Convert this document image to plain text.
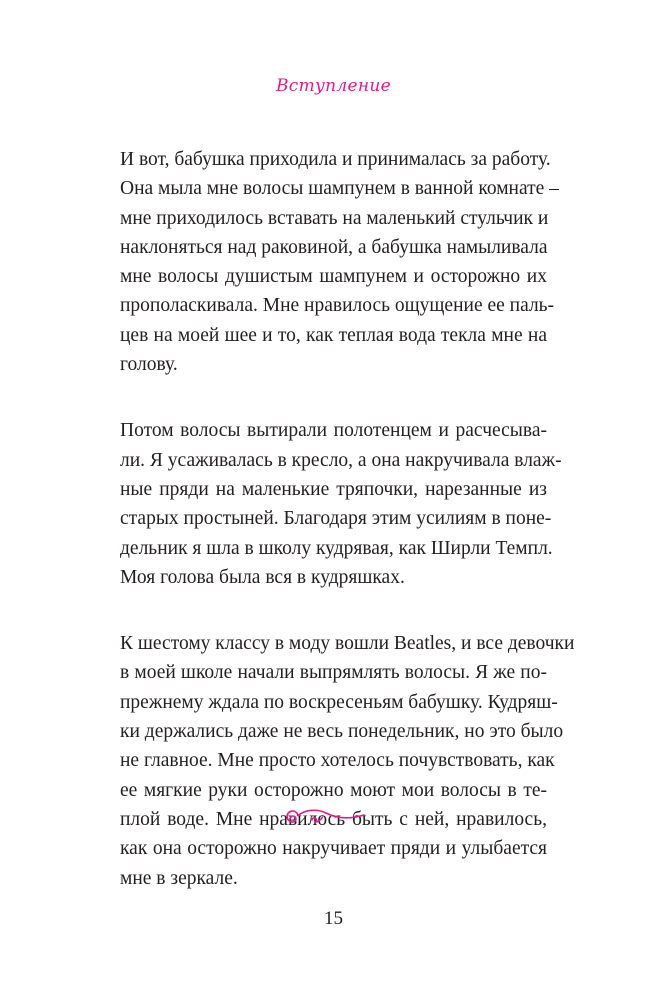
Вступление

И вот, бабушка приходила и принималась за работу.
Она мыла мне волосы шампунем в ванной комнате –
мне приходилось вставать на маленький стульчик и
наклоняться над раковиной, а бабушка намыливала
мне волосы душистым шампунем и осторожно их
прополаскивала. Мне нравилось ощущение ее паль-
цев на моей шее и то, как теплая вода текла мне на
голову.

Потом волосы вытирали полотенцем и расчесыва-
ли. Я усаживалась в кресло, а она накручивала влаж-
ные пряди на маленькие тряпочки, нарезанные из
старых простыней. Благодаря этим усилиям в поне-
дельник я шла в школу кудрявая, как Ширли Темпл.
Моя голова была вся в кудряшках.

К шестому классу в моду вошли Beatles, и все девочки
в моей школе начали выпрямлять волосы. Я же по-
прежнему ждала по воскресеньям бабушку. Кудряш-
ки держались даже не весь понедельник, но это было
не главное. Мне просто хотелось почувствовать, как
ее мягкие руки осторожно моют мои волосы в те-
плой воде. Мне нравилось быть с ней, нравилось,
как она осторожно накручивает пряди и улыбается
мне в зеркале.

15
